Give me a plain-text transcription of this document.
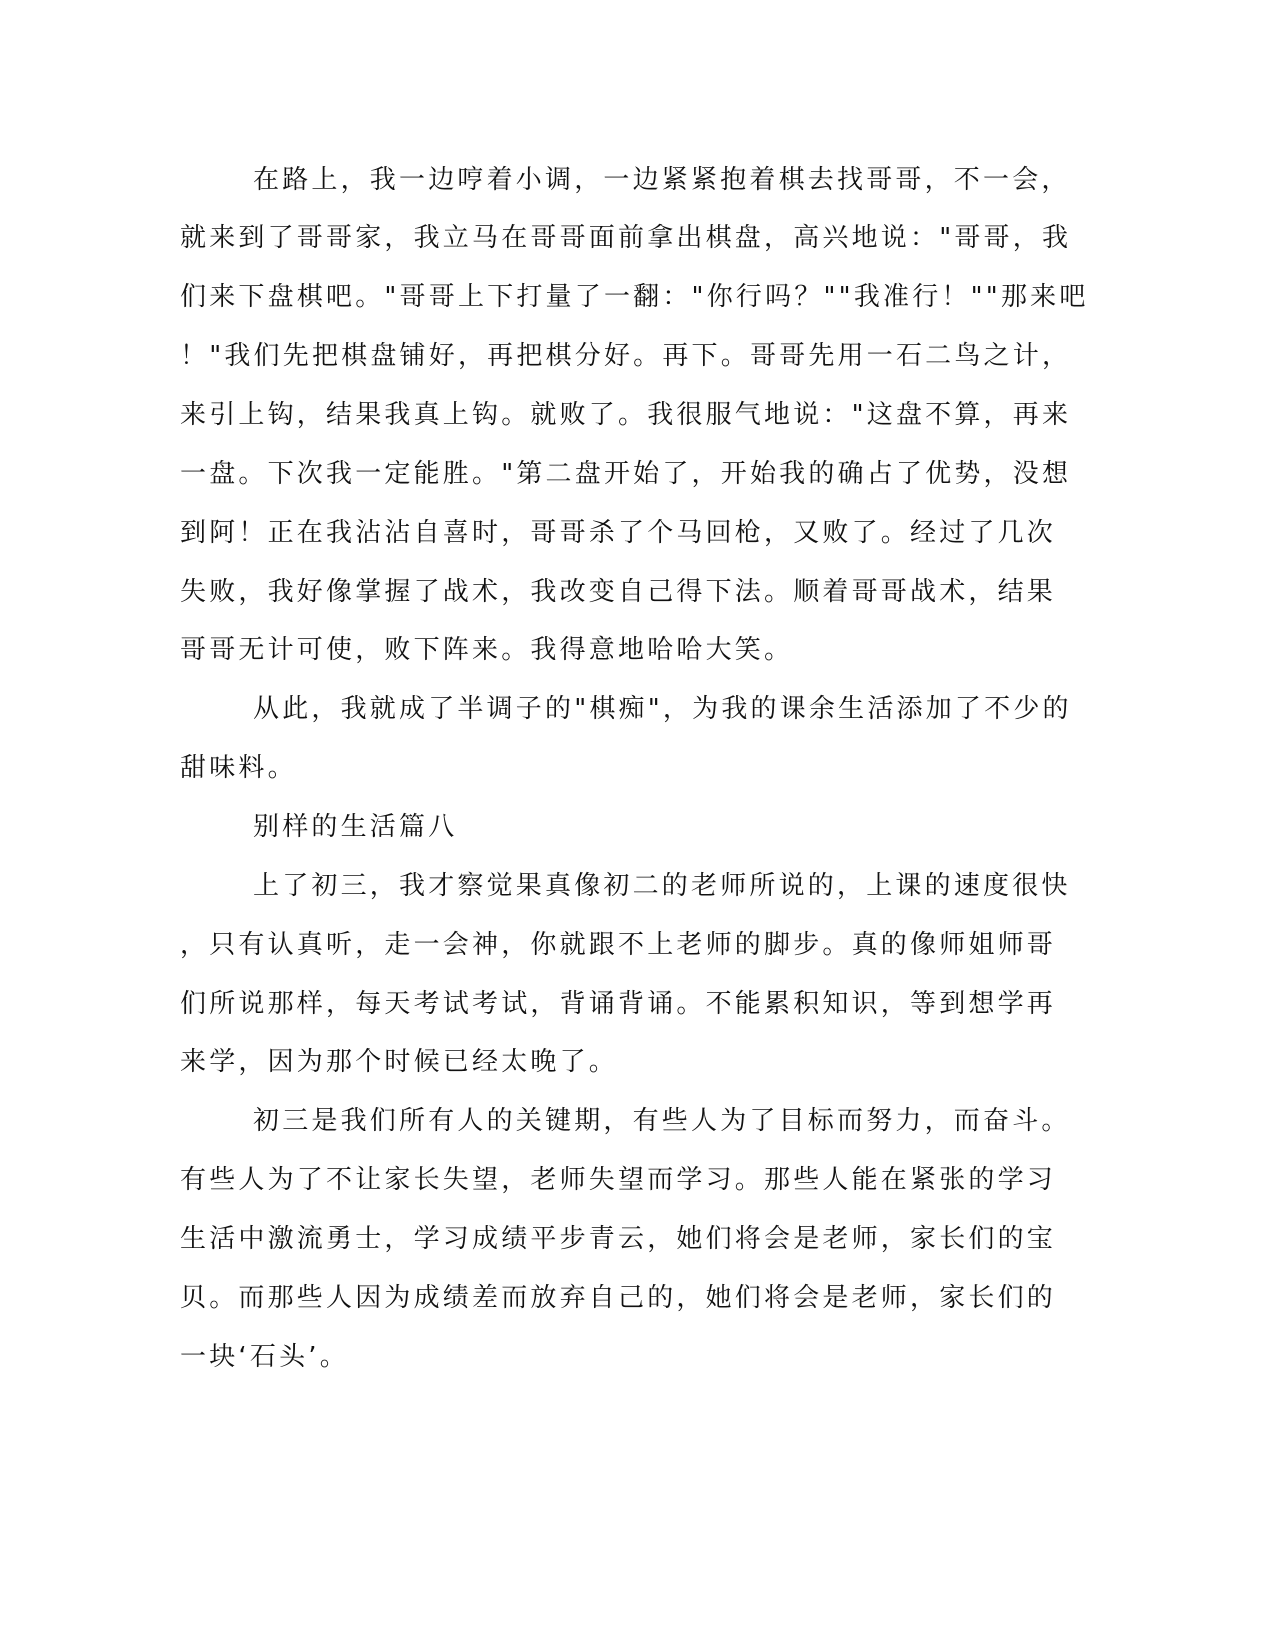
在路上，我一边哼着小调，一边紧紧抱着棋去找哥哥，不一会，
就来到了哥哥家，我立马在哥哥面前拿出棋盘，高兴地说："哥哥，我
们来下盘棋吧。"哥哥上下打量了一翻："你行吗？""我准行！""那来吧
！"我们先把棋盘铺好，再把棋分好。再下。哥哥先用一石二鸟之计，
来引上钩，结果我真上钩。就败了。我很服气地说："这盘不算，再来
一盘。下次我一定能胜。"第二盘开始了，开始我的确占了优势，没想
到阿！正在我沾沾自喜时，哥哥杀了个马回枪，又败了。经过了几次
失败，我好像掌握了战术，我改变自己得下法。顺着哥哥战术，结果
哥哥无计可使，败下阵来。我得意地哈哈大笑。
从此，我就成了半调子的"棋痴"，为我的课余生活添加了不少的
甜味料。
别样的生活篇八
上了初三，我才察觉果真像初二的老师所说的，上课的速度很快
，只有认真听，走一会神，你就跟不上老师的脚步。真的像师姐师哥
们所说那样，每天考试考试，背诵背诵。不能累积知识，等到想学再
来学，因为那个时候已经太晚了。
初三是我们所有人的关键期，有些人为了目标而努力，而奋斗。
有些人为了不让家长失望，老师失望而学习。那些人能在紧张的学习
生活中激流勇士，学习成绩平步青云，她们将会是老师，家长们的宝
贝。而那些人因为成绩差而放弃自己的，她们将会是老师，家长们的
一块‘石头’。
